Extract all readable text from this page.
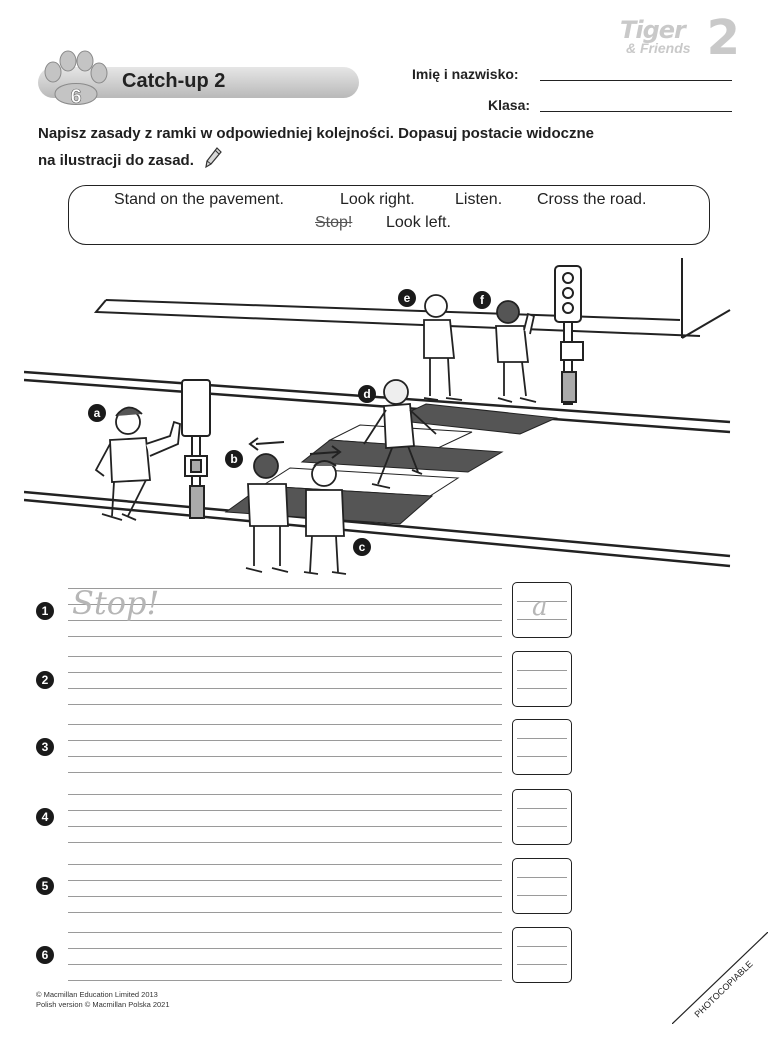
Tiger
& Friends 2
6
Catch-up 2	Imię i nazwisko:
Klasa:
Napisz zasady z ramki w odpowiedniej kolejności. Dopasuj postacie widoczne
na ilustracji do zasad.
Stand on the pavement.	Look right.	Listen. Cross the road.
Stop! Look left.
a
b
c
d
e	f
1 Stop!	a
2
3
4
5
6
© Macmillan Education Limited 2013
Polish version © Macmillan Polska 2021	PHOTOCOPIABLE
